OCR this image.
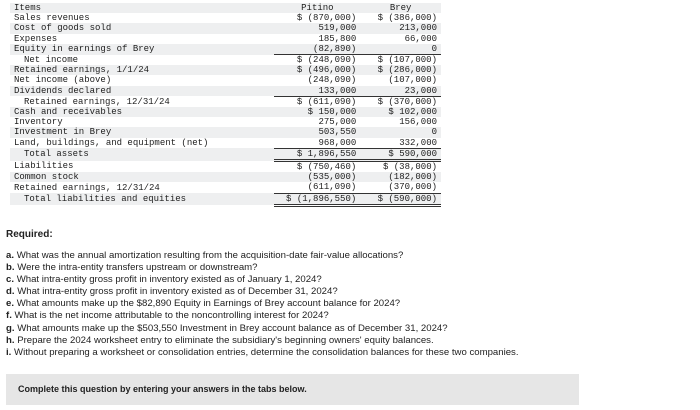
Items	Pitino	Brey
Sales revenues	$ (870,000)	$ (386,000)
Cost of goods sold	519,000	213,000
Expenses	185,800	66,000
Equity in earnings of Brey	(82,890)	0
Net income	$ (248,090)	$ (107,000)
Retained earnings, 1/1/24	$ (496,000)	$ (286,000)
Net income (above)	(248,090)	(107,000)
Dividends declared	133,000	23,000
Retained earnings, 12/31/24	$ (611,090)	$ (370,000)
Cash and receivables	$ 150,000	$ 102,000
Inventory	275,000	156,000
Investment in Brey	503,550	0
Land, buildings, and equipment (net)	968,000	332,000
Total assets	$ 1,896,550	$ 590,000
Liabilities	$ (750,460)	$ (38,000)
Common stock	(535,000)	(182,000)
Retained earnings, 12/31/24	(611,090)	(370,000)
Total liabilities and equities	$ (1,896,550)	$ (590,000)
Required:
a. What was the annual amortization resulting from the acquisition-date fair-value allocations?
b. Were the intra-entity transfers upstream or downstream?
c. What intra-entity gross profit in inventory existed as of January 1, 2024?
d. What intra-entity gross profit in inventory existed as of December 31, 2024?
e. What amounts make up the $82,890 Equity in Earnings of Brey account balance for 2024?
f. What is the net income attributable to the noncontrolling interest for 2024?
g. What amounts make up the $503,550 Investment in Brey account balance as of December 31, 2024?
h. Prepare the 2024 worksheet entry to eliminate the subsidiary's beginning owners' equity balances.
i. Without preparing a worksheet or consolidation entries, determine the consolidation balances for these two companies.
Complete this question by entering your answers in the tabs below.
